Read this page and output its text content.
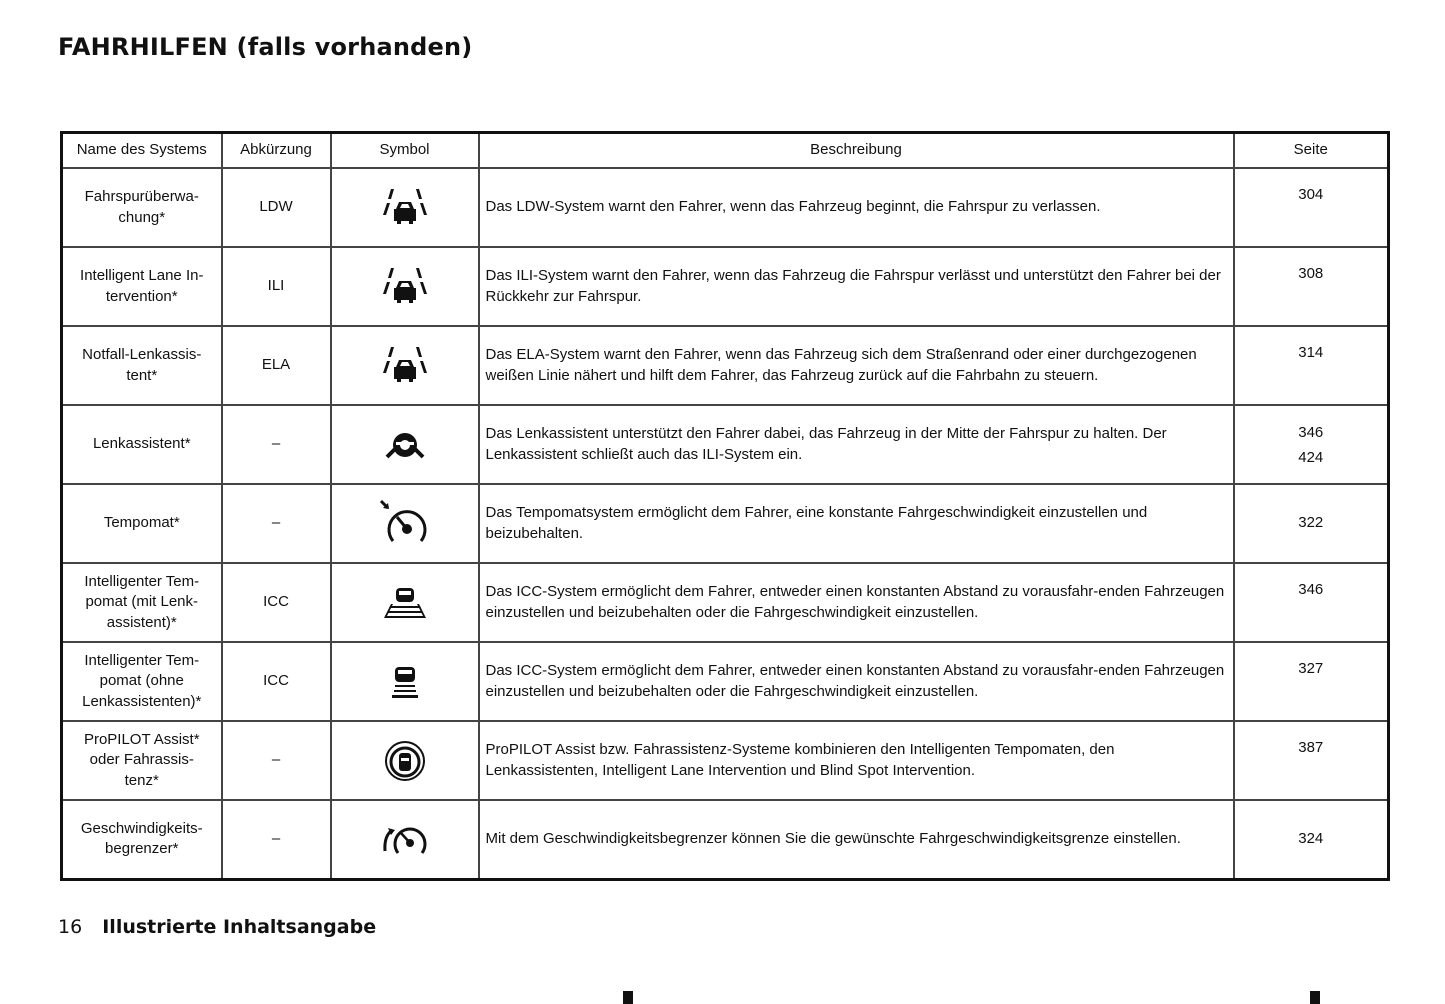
FAHRHILFEN (falls vorhanden)
Name des Systems	Abkürzung	Symbol	Beschreibung	Seite
Fahrspurüberwa-
chung*	LDW		Das LDW-System warnt den Fahrer, wenn das Fahrzeug beginnt, die Fahrspur zu verlassen.	304
Intelligent Lane In-
tervention*	ILI		Das ILI-System warnt den Fahrer, wenn das Fahrzeug die Fahrspur verlässt und unterstützt den Fahrer bei der Rückkehr zur Fahrspur.	308
Notfall-Lenkassis-
tent*	ELA		Das ELA-System warnt den Fahrer, wenn das Fahrzeug sich dem Straßenrand oder einer durchgezogenen weißen Linie nähert und hilft dem Fahrer, das Fahrzeug zurück auf die Fahrbahn zu steuern.	314
Lenkassistent*	–		Das Lenkassistent unterstützt den Fahrer dabei, das Fahrzeug in der Mitte der Fahrspur zu halten. Der Lenkassistent schließt auch das ILI-System ein.	346
424

Tempomat*	–		Das Tempomatsystem ermöglicht dem Fahrer, eine konstante Fahrgeschwindigkeit einzustellen und beizubehalten.	322
Intelligenter Tem-
pomat (mit Lenk-
assistent)*	ICC		Das ICC-System ermöglicht dem Fahrer, entweder einen konstanten Abstand zu vorausfahr-enden Fahrzeugen einzustellen und beizubehalten oder die Fahrgeschwindigkeit einzustellen.	346
Intelligenter Tem-
pomat (ohne
Lenkassistenten)*	ICC		Das ICC-System ermöglicht dem Fahrer, entweder einen konstanten Abstand zu vorausfahr-enden Fahrzeugen einzustellen und beizubehalten oder die Fahrgeschwindigkeit einzustellen.	327
ProPILOT Assist*
oder Fahrassis-
tenz*	–		ProPILOT Assist bzw. Fahrassistenz-Systeme kombinieren den Intelligenten Tempomaten, den Lenkassistenten, Intelligent Lane Intervention und Blind Spot Intervention.	387
Geschwindigkeits-
begrenzer*	–		Mit dem Geschwindigkeitsbegrenzer können Sie die gewünschte Fahrgeschwindigkeitsgrenze einstellen.	324
16 Illustrierte Inhaltsangabe
